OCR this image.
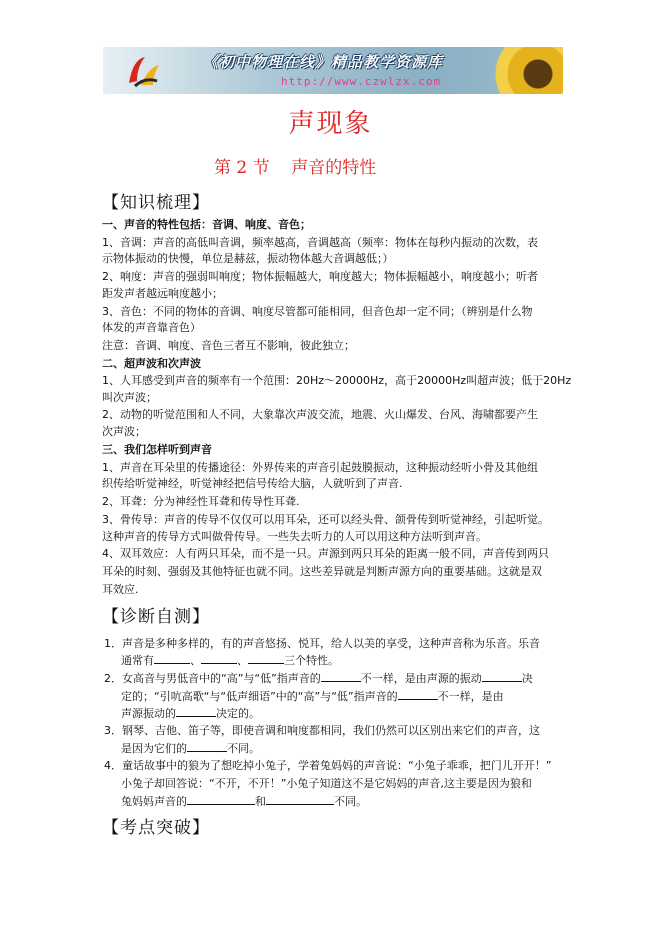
《初中物理在线》精品教学资源库
http://www.czwlzx.com
声现象
第 2 节    声音的特性
【知识梳理】
一、声音的特性包括：音调、响度、音色；
1、音调：声音的高低叫音调，频率越高，音调越高（频率：物体在每秒内振动的次数，表
示物体振动的快慢，单位是赫兹，振动物体越大音调越低；）
2、响度：声音的强弱叫响度；物体振幅越大，响度越大；物体振幅越小，响度越小；听者
距发声者越远响度越小；
3、音色：不同的物体的音调、响度尽管都可能相同，但音色却一定不同；（辨别是什么物
体发的声音靠音色）
注意：音调、响度、音色三者互不影响，彼此独立；
二、超声波和次声波
1、人耳感受到声音的频率有一个范围：20Hz～20000Hz，高于20000Hz叫超声波；低于20Hz
叫次声波；
2、动物的听觉范围和人不同，大象靠次声波交流，地震、火山爆发、台风、海啸都要产生
次声波；
三、我们怎样听到声音
1、声音在耳朵里的传播途径：外界传来的声音引起鼓膜振动，这种振动经听小骨及其他组
织传给听觉神经，听觉神经把信号传给大脑，人就听到了声音.
2、耳聋：分为神经性耳聋和传导性耳聋.
3、骨传导：声音的传导不仅仅可以用耳朵，还可以经头骨、颌骨传到听觉神经，引起听觉。
这种声音的传导方式叫做骨传导。一些失去听力的人可以用这种方法听到声音。
4、双耳效应：人有两只耳朵，而不是一只。声源到两只耳朵的距离一般不同，声音传到两只
耳朵的时刻、强弱及其他特征也就不同。这些差异就是判断声源方向的重要基础。这就是双
耳效应.
【诊断自测】
1．声音是多种多样的，有的声音悠扬、悦耳，给人以美的享受，这种声音称为乐音。乐音
通常有	、	、	三个特性。
2．女高音与男低音中的“高”与“低”指声音的	不一样，是由声源的振动	决
定的；“引吭高歌“与“低声细语”中的“高”与“低”指声音的	不一样，是由
声源振动的	决定的。
3．钢琴、吉他、笛子等，即使音调和响度都相同，我们仍然可以区别出来它们的声音，这
是因为它们的	不同。
4．童话故事中的狼为了想吃掉小兔子，学着兔妈妈的声音说：“小兔子乖乖，把门儿开开！”
小兔子却回答说：“不开，不开！”小兔子知道这不是它妈妈的声音,这主要是因为狼和
兔妈妈声音的	和	不同。
【考点突破】
